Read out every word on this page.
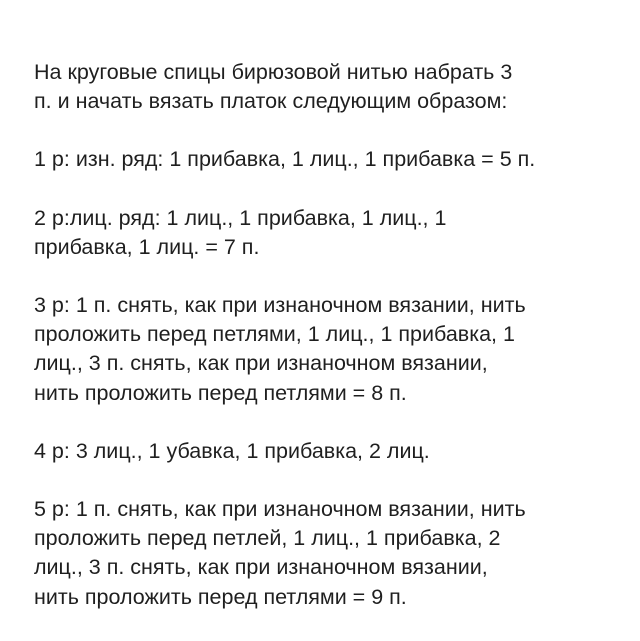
На круговые спицы бирюзовой нитью набрать 3
п. и начать вязать платок следующим образом:

1 р: изн. ряд: 1 прибавка, 1 лиц., 1 прибавка = 5 п.

2 р:лиц. ряд: 1 лиц., 1 прибавка, 1 лиц., 1
прибавка, 1 лиц. = 7 п.

3 р: 1 п. снять, как при изнаночном вязании, нить
проложить перед петлями, 1 лиц., 1 прибавка, 1
лиц., 3 п. снять, как при изнаночном вязании,
нить проложить перед петлями = 8 п.

4 р: 3 лиц., 1 убавка, 1 прибавка, 2 лиц.

5 р: 1 п. снять, как при изнаночном вязании, нить
проложить перед петлей, 1 лиц., 1 прибавка, 2
лиц., 3 п. снять, как при изнаночном вязании,
нить проложить перед петлями = 9 п.
